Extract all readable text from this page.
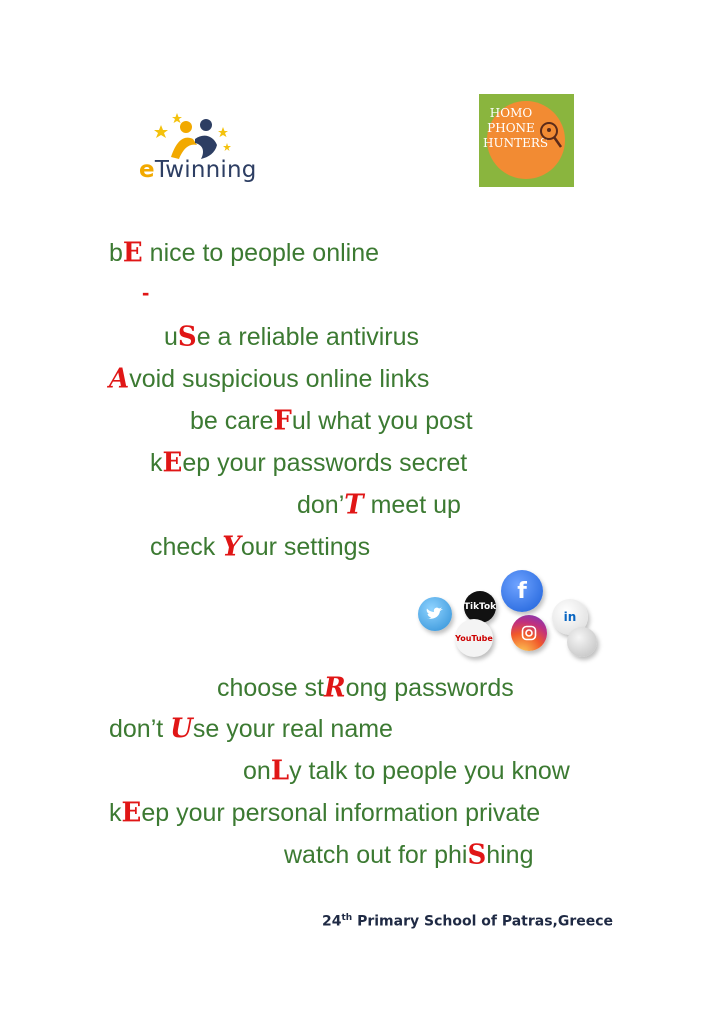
eTwinning
HOMO
PHONE
HUNTERS
bE nice to people online
-
uSe a reliable antivirus
Avoid suspicious online links
be careFul what you post
kEep your passwords secret
don’T meet up
check Your settings
TikTok
f
YouTube
in
choose stRong passwords
don’t Use your real name
onLy talk to people you know
kEep your personal information private
watch out for phiShing
24th Primary School of Patras,Greece
